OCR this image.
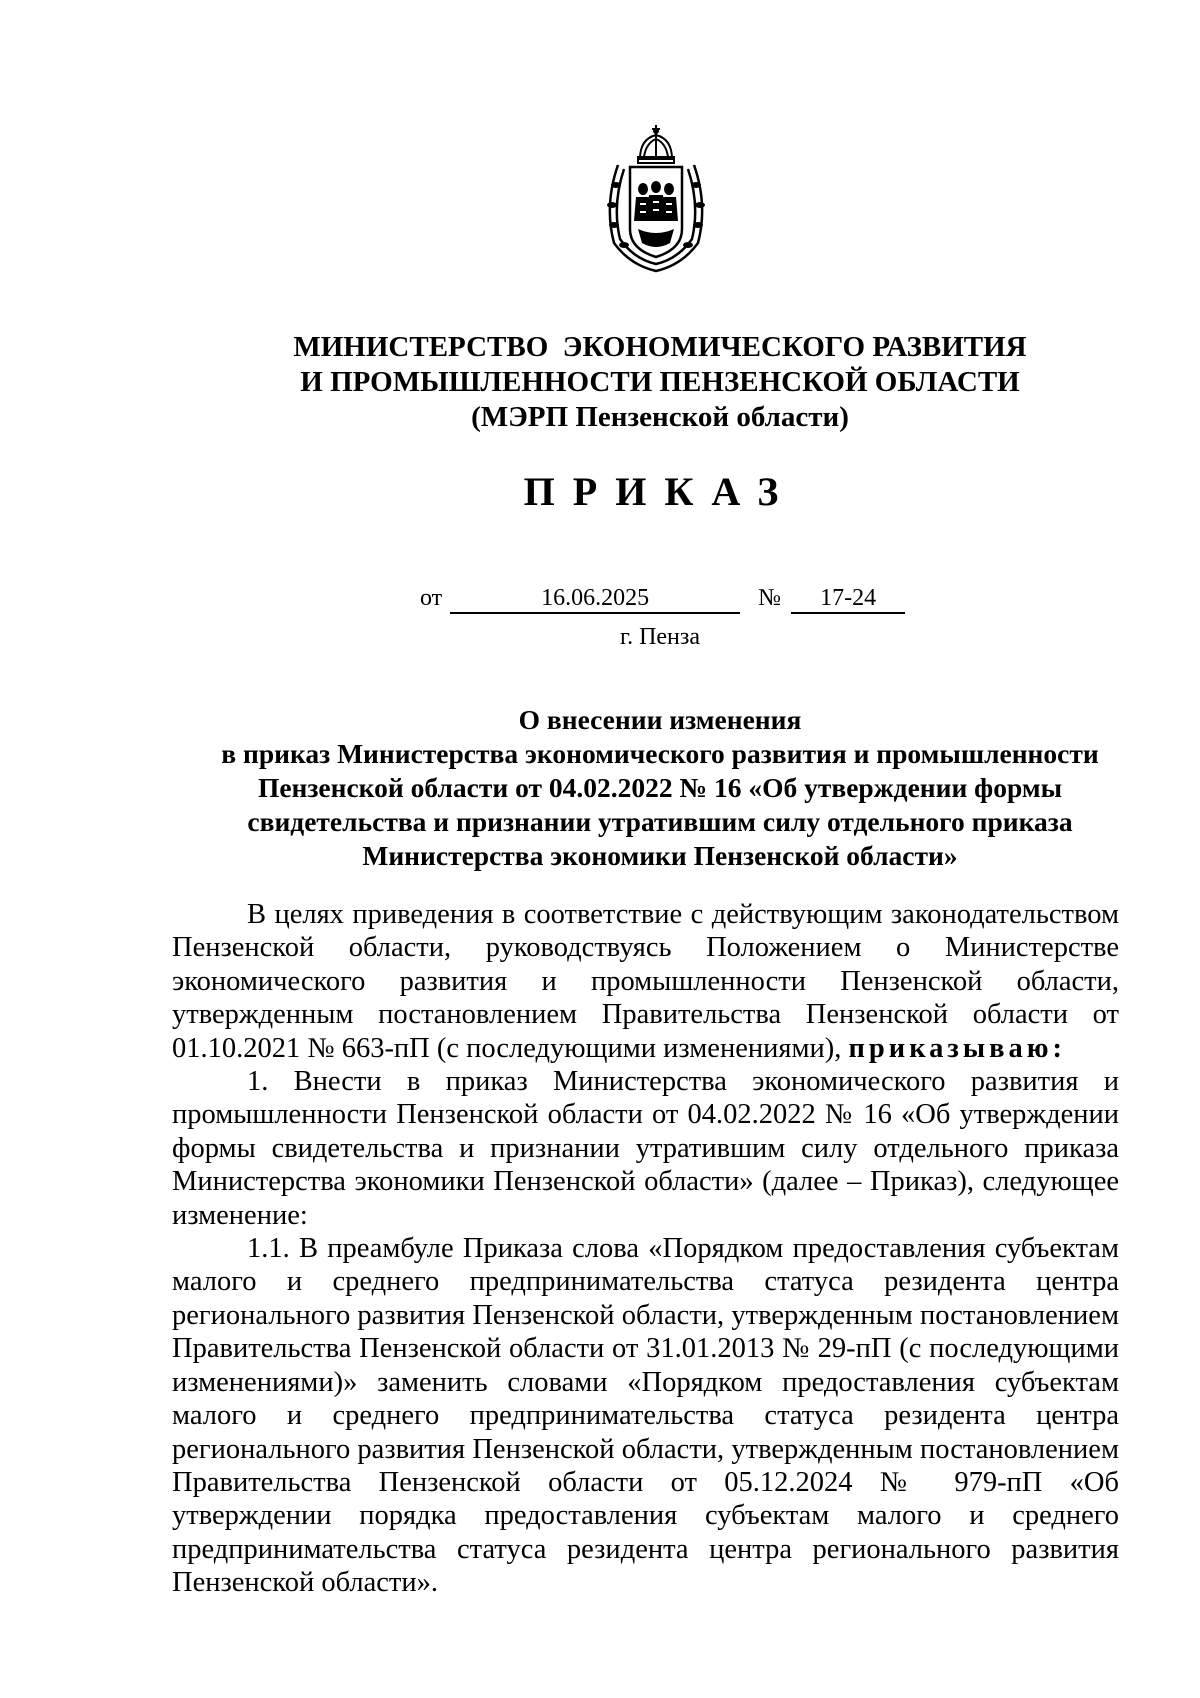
МИНИСТЕРСТВО  ЭКОНОМИЧЕСКОГО РАЗВИТИЯ
И ПРОМЫШЛЕННОСТИ ПЕНЗЕНСКОЙ ОБЛАСТИ
(МЭРП Пензенской области)
ПРИКАЗ
от	16.06.2025	№	17-24
г. Пенза
О внесении изменения
в приказ Министерства экономического развития и промышленности
Пензенской области от 04.02.2022 № 16 «Об утверждении формы
свидетельства и признании утратившим силу отдельного приказа
Министерства экономики Пензенской области»

В целях приведения в соответствие с действующим законодательством Пензенской области, руководствуясь Положением о Министерстве экономического развития и промышленности Пензенской области, утвержденным постановлением Правительства Пензенской области от 01.10.2021 № 663-пП (с последующими изменениями), приказываю:

1. Внести в приказ Министерства экономического развития и промышленности Пензенской области от 04.02.2022 № 16 «Об утверждении формы свидетельства и признании утратившим силу отдельного приказа Министерства экономики Пензенской области» (далее – Приказ), следующее изменение:

1.1. В преамбуле Приказа слова «Порядком предоставления субъектам малого и среднего предпринимательства статуса резидента центра регионального развития Пензенской области, утвержденным постановлением Правительства Пензенской области от 31.01.2013 № 29-пП (с последующими изменениями)» заменить словами «Порядком предоставления субъектам малого и среднего предпринимательства статуса резидента центра регионального развития Пензенской области, утвержденным постановлением Правительства Пензенской области от 05.12.2024 № 979-пП «Об утверждении порядка предоставления субъектам малого и среднего предпринимательства статуса резидента центра регионального развития Пензенской области».
